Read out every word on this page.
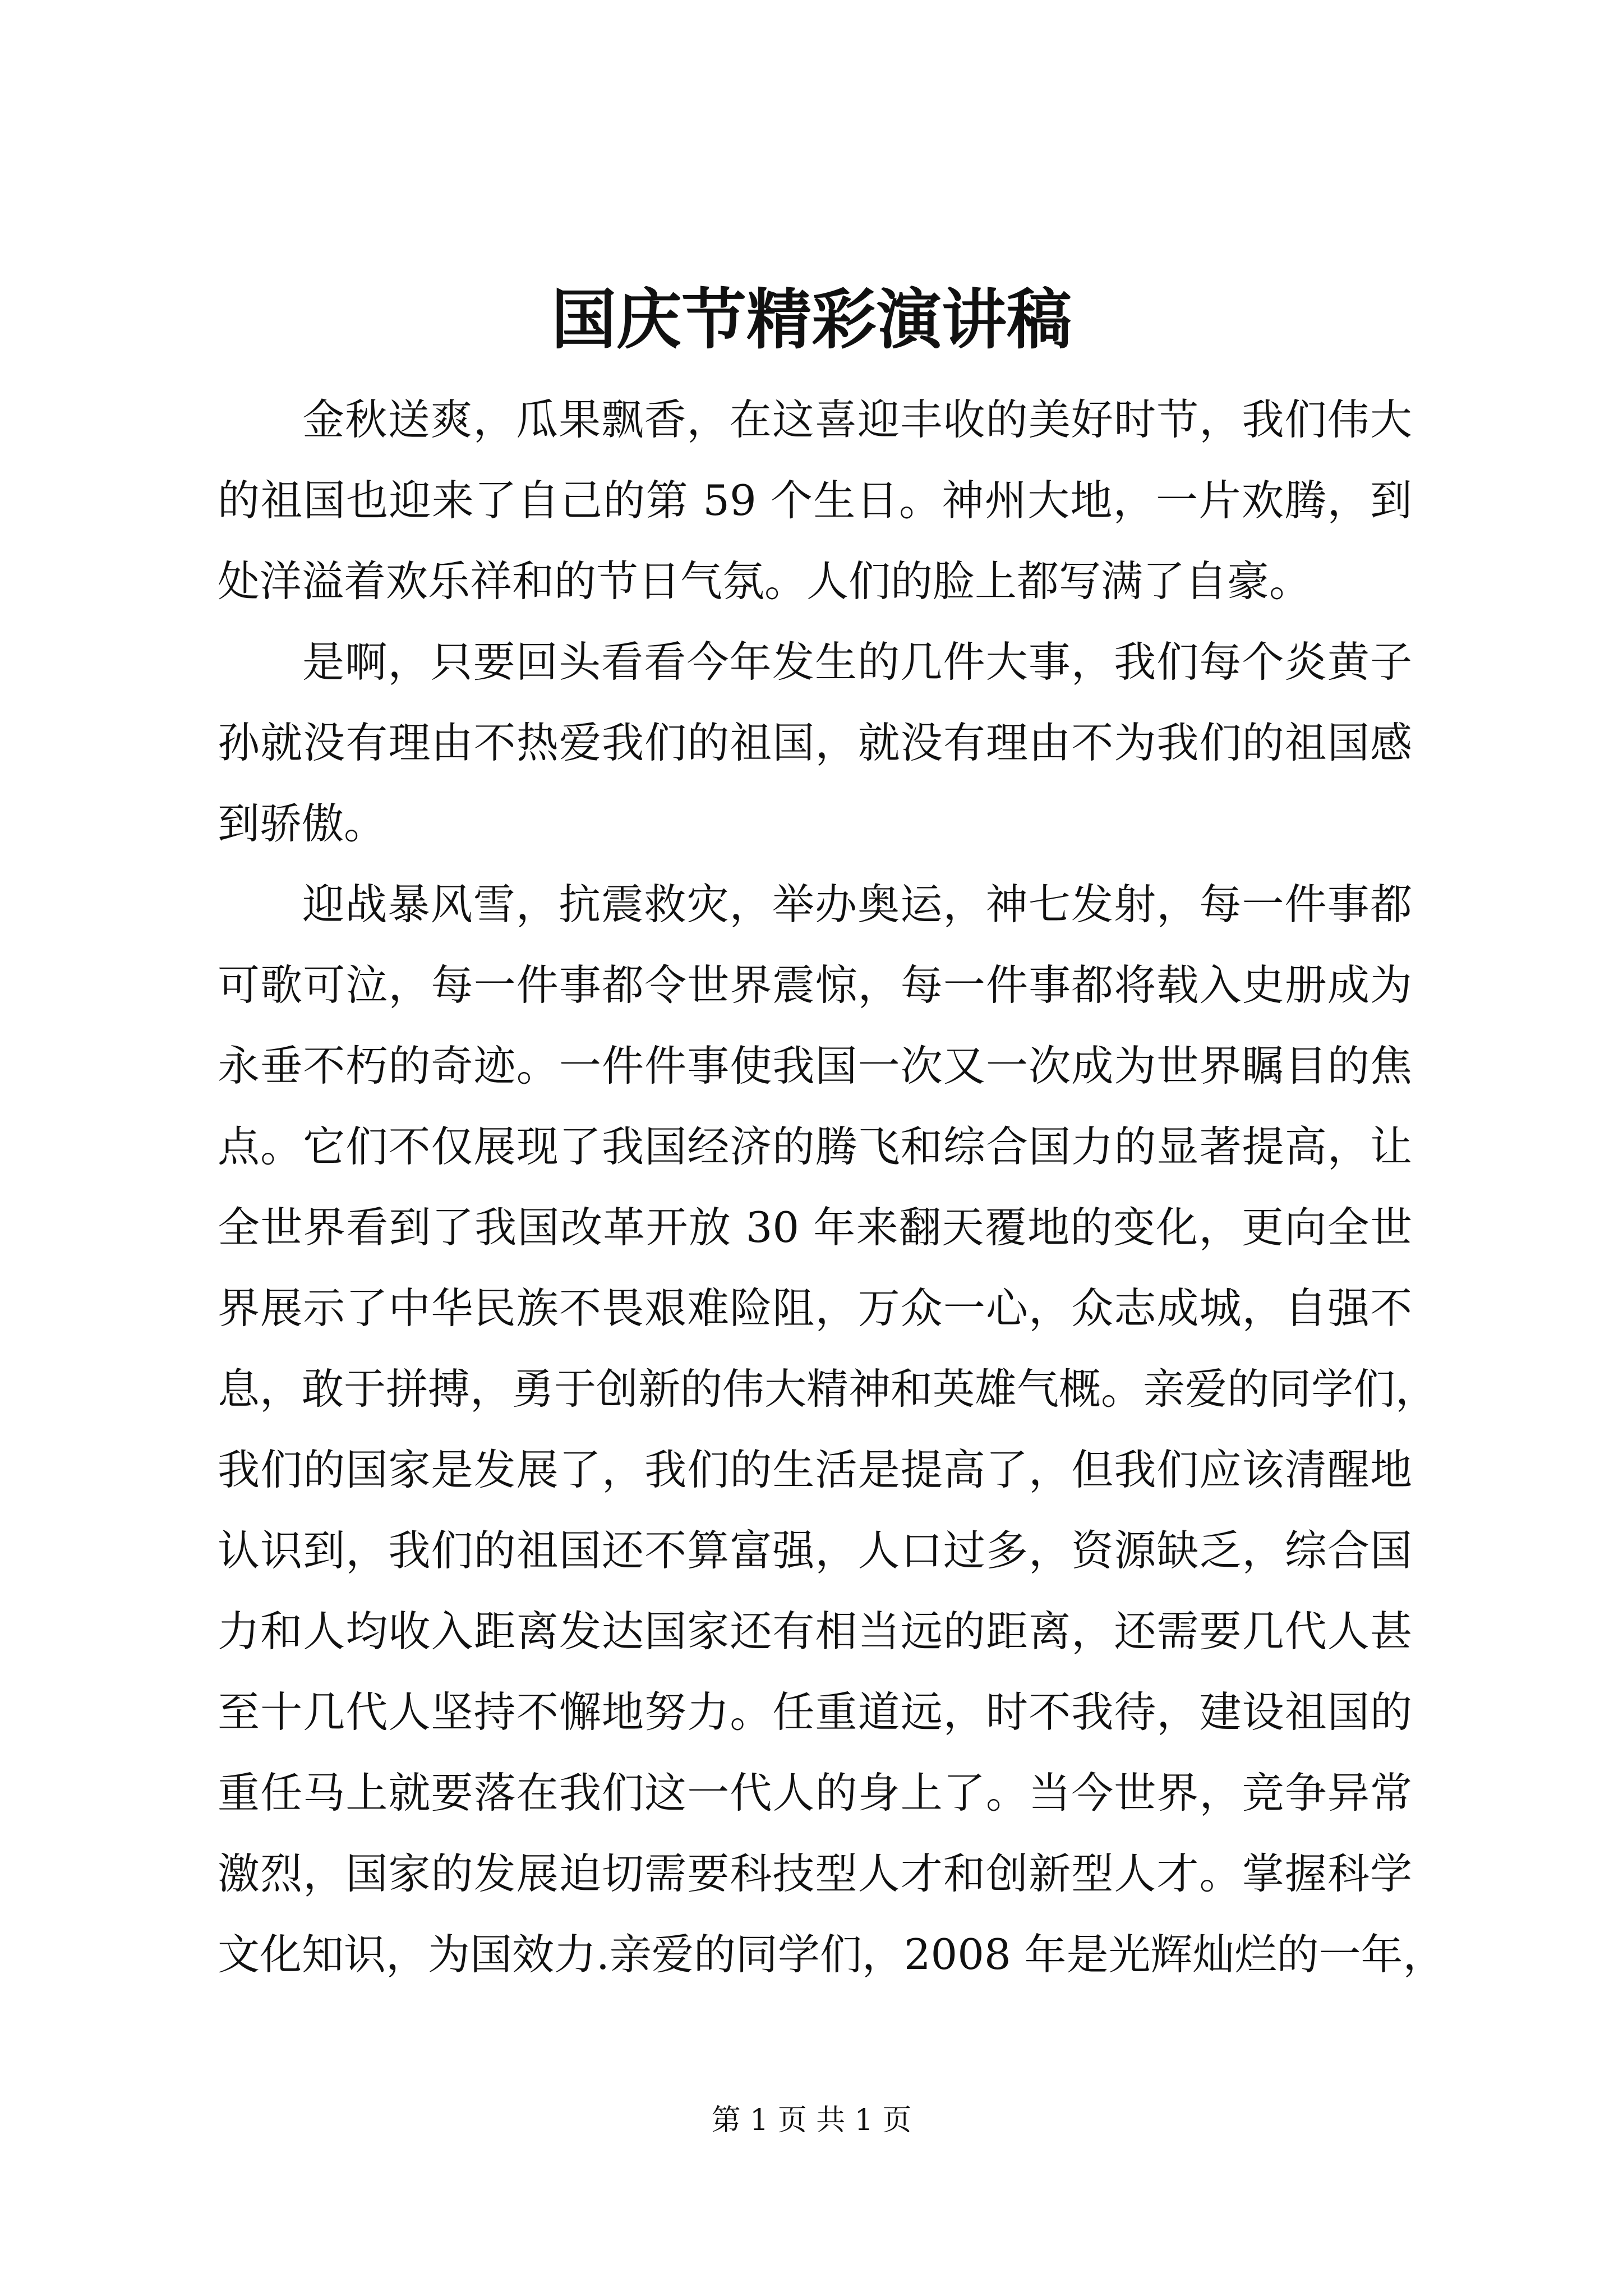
国庆节精彩演讲稿
金秋送爽，瓜果飘香，在这喜迎丰收的美好时节，我们伟大
的祖国也迎来了自己的第 59 个生日。神州大地，一片欢腾，到
处洋溢着欢乐祥和的节日气氛。人们的脸上都写满了自豪。
是啊，只要回头看看今年发生的几件大事，我们每个炎黄子
孙就没有理由不热爱我们的祖国，就没有理由不为我们的祖国感
到骄傲。
迎战暴风雪，抗震救灾，举办奥运，神七发射，每一件事都
可歌可泣，每一件事都令世界震惊，每一件事都将载入史册成为
永垂不朽的奇迹。一件件事使我国一次又一次成为世界瞩目的焦
点。它们不仅展现了我国经济的腾飞和综合国力的显著提高，让
全世界看到了我国改革开放 30 年来翻天覆地的变化，更向全世
界展示了中华民族不畏艰难险阻，万众一心，众志成城，自强不
息，敢于拼搏，勇于创新的伟大精神和英雄气概。亲爱的同学们，
我们的国家是发展了，我们的生活是提高了，但我们应该清醒地
认识到，我们的祖国还不算富强，人口过多，资源缺乏，综合国
力和人均收入距离发达国家还有相当远的距离，还需要几代人甚
至十几代人坚持不懈地努力。任重道远，时不我待，建设祖国的
重任马上就要落在我们这一代人的身上了。当今世界，竞争异常
激烈，国家的发展迫切需要科技型人才和创新型人才。掌握科学
文化知识，为国效力.亲爱的同学们，2008 年是光辉灿烂的一年，
第 1 页 共 1 页
